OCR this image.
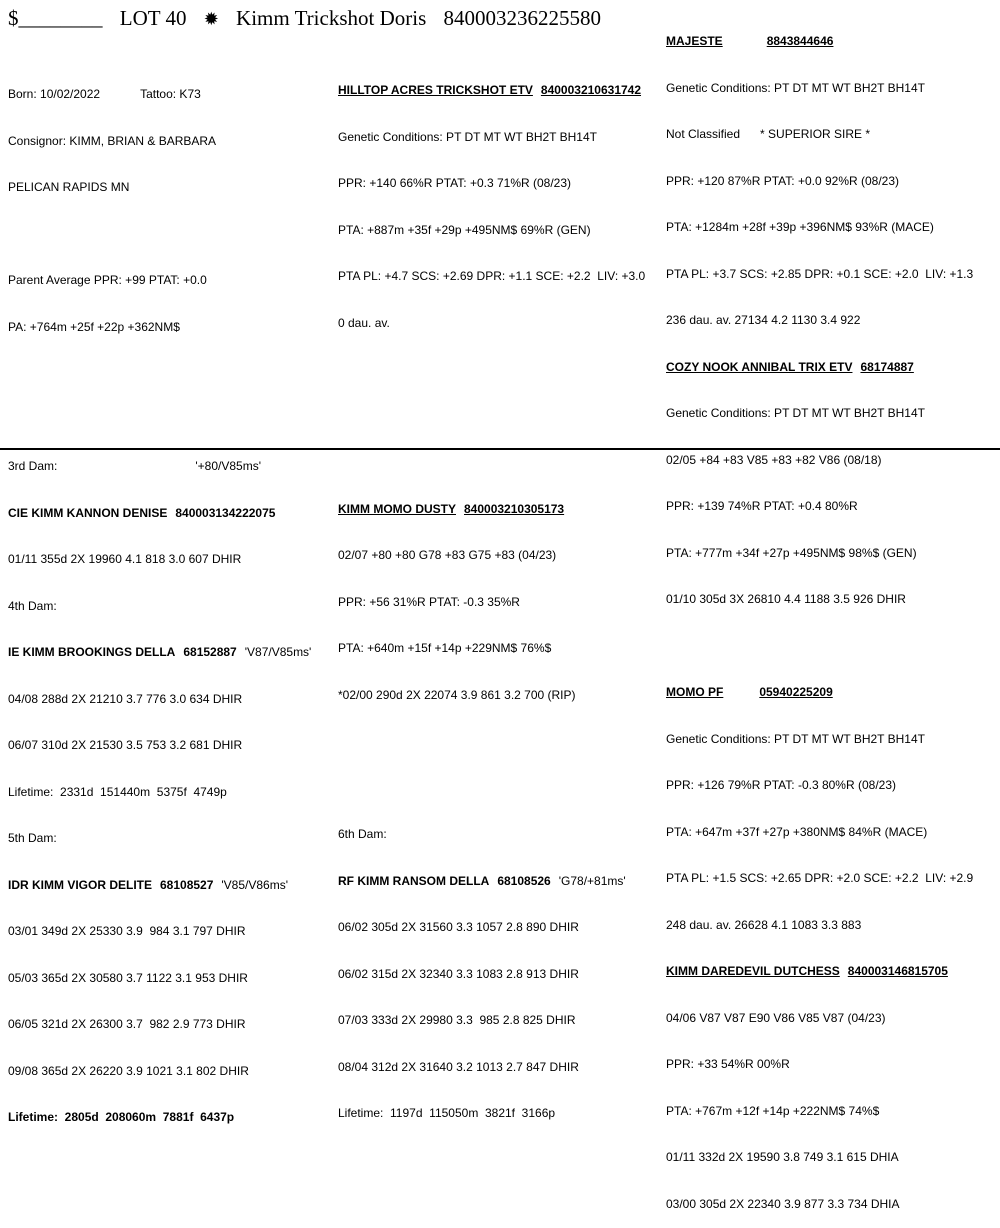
$________ LOT 40 ✹ Kimm Trickshot Doris 840003236225580

Born: 10/02/2022	Tattoo: K73

Consignor: KIMM, BRIAN & BARBARA

PELICAN RAPIDS MN

Parent Average PPR: +99 PTAT: +0.0

PA: +764m +25f +22p +362NM$

3rd Dam:	'+80/V85ms'

CIE KIMM KANNON DENISE 840003134222075

01/11 355d 2X 19960 4.1 818 3.0 607 DHIR

4th Dam:

IE KIMM BROOKINGS DELLA 68152887 'V87/V85ms'

04/08 288d 2X 21210 3.7 776 3.0 634 DHIR

06/07 310d 2X 21530 3.5 753 3.2 681 DHIR

Lifetime:  2331d  151440m  5375f  4749p

5th Dam:

IDR KIMM VIGOR DELITE 68108527 'V85/V86ms'

03/01 349d 2X 25330 3.9  984 3.1 797 DHIR

05/03 365d 2X 30580 3.7 1122 3.1 953 DHIR

06/05 321d 2X 26300 3.7  982 2.9 773 DHIR

09/08 365d 2X 26220 3.9 1021 3.1 802 DHIR

Lifetime:  2805d  208060m  7881f  6437p

HILLTOP ACRES TRICKSHOT ETV 840003210631742

Genetic Conditions: PT DT MT WT BH2T BH14T

PPR: +140 66%R PTAT: +0.3 71%R (08/23)

PTA: +887m +35f +29p +495NM$ 69%R (GEN)

PTA PL: +4.7 SCS: +2.69 DPR: +1.1 SCE: +2.2  LIV: +3.0

0 dau. av.

KIMM MOMO DUSTY 840003210305173

02/07 +80 +80 G78 +83 G75 +83 (04/23)

PPR: +56 31%R PTAT: -0.3 35%R

PTA: +640m +15f +14p +229NM$ 76%$

*02/00 290d 2X 22074 3.9 861 3.2 700 (RIP)

6th Dam:

RF KIMM RANSOM DELLA 68108526 'G78/+81ms'

06/02 305d 2X 31560 3.3 1057 2.8 890 DHIR

06/02 315d 2X 32340 3.3 1083 2.8 913 DHIR

07/03 333d 2X 29980 3.3  985 2.8 825 DHIR

08/04 312d 2X 31640 3.2 1013 2.7 847 DHIR

Lifetime:  1197d  115050m  3821f  3166p

MAJESTE	8843844646

Genetic Conditions: PT DT MT WT BH2T BH14T

Not Classified      * SUPERIOR SIRE *

PPR: +120 87%R PTAT: +0.0 92%R (08/23)

PTA: +1284m +28f +39p +396NM$ 93%R (MACE)

PTA PL: +3.7 SCS: +2.85 DPR: +0.1 SCE: +2.0  LIV: +1.3

236 dau. av. 27134 4.2 1130 3.4 922

COZY NOOK ANNIBAL TRIX ETV 68174887

Genetic Conditions: PT DT MT WT BH2T BH14T

02/05 +84 +83 V85 +83 +82 V86 (08/18)

PPR: +139 74%R PTAT: +0.4 80%R

PTA: +777m +34f +27p +495NM$ 98%$ (GEN)

01/10 305d 3X 26810 4.4 1188 3.5 926 DHIR

MOMO PF	05940225209

Genetic Conditions: PT DT MT WT BH2T BH14T

PPR: +126 79%R PTAT: -0.3 80%R (08/23)

PTA: +647m +37f +27p +380NM$ 84%R (MACE)

PTA PL: +1.5 SCS: +2.65 DPR: +2.0 SCE: +2.2  LIV: +2.9

248 dau. av. 26628 4.1 1083 3.3 883

KIMM DAREDEVIL DUTCHESS 840003146815705

04/06 V87 V87 E90 V86 V85 V87 (04/23)

PPR: +33 54%R 00%R

PTA: +767m +12f +14p +222NM$ 74%$

01/11 332d 2X 19590 3.8 749 3.1 615 DHIA

03/00 305d 2X 22340 3.9 877 3.3 734 DHIA
